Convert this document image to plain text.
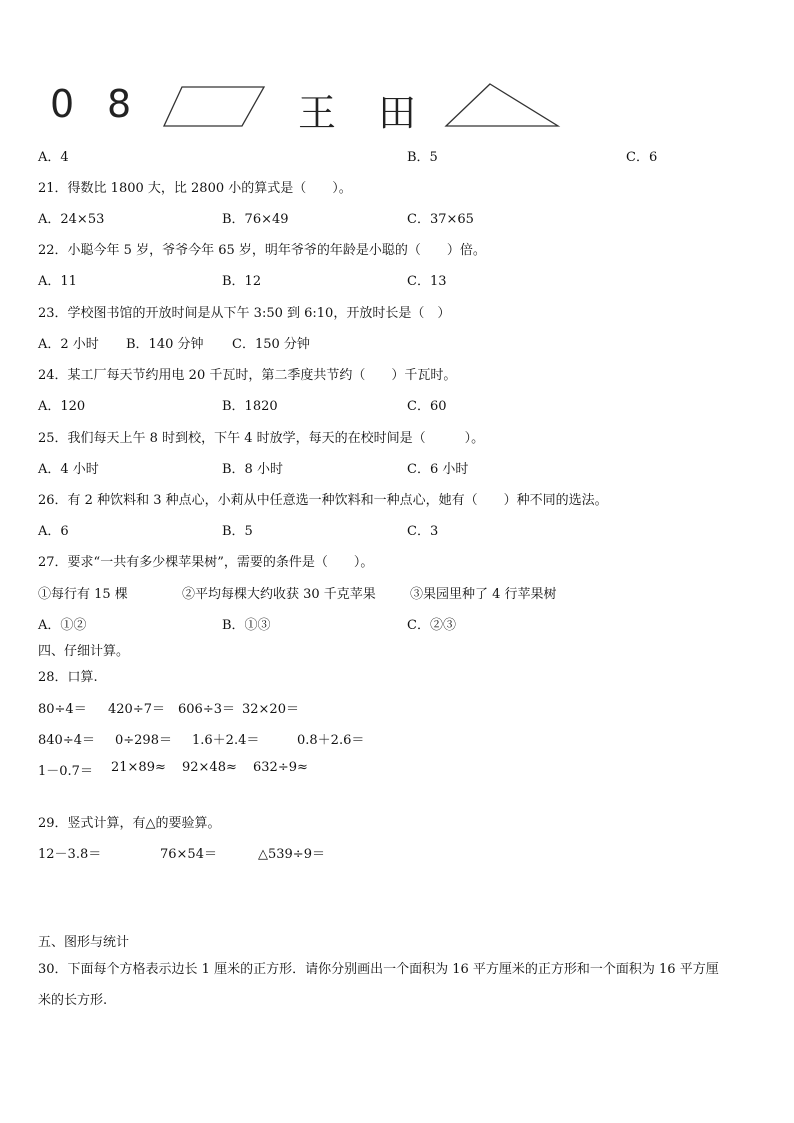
0 8	王 田
A．4	B．5	C．6
21．得数比 1800 大，比 2800 小的算式是（　　）。
A．24×53	B．76×49	C．37×65
22．小聪今年 5 岁，爷爷今年 65 岁，明年爷爷的年龄是小聪的（　　）倍。
A．11	B．12	C．13
23．学校图书馆的开放时间是从下午 3:50 到 6:10，开放时长是（　）
A．2 小时 B．140 分钟 C．150 分钟
24．某工厂每天节约用电 20 千瓦时，第二季度共节约（　　）千瓦时。
A．120	B．1820	C．60
25．我们每天上午 8 时到校，下午 4 时放学，每天的在校时间是（　　　）。
A．4 小时	B．8 小时	C．6 小时
26．有 2 种饮料和 3 种点心，小莉从中任意选一种饮料和一种点心，她有（　　）种不同的选法。
A．6	B．5	C．3
27．要求“一共有多少棵苹果树”，需要的条件是（　　）。
①每行有 15 棵	②平均每棵大约收获 30 千克苹果	③果园里种了 4 行苹果树
A．①②	B．①③	C．②③
四、仔细计算。
28．口算.
80÷4＝ 420÷7＝ 606÷3＝ 32×20＝
840÷4＝ 0÷298＝ 1.6＋2.4＝	0.8＋2.6＝
1－0.7＝ 21×89≈ 92×48≈ 632÷9≈
29．竖式计算，有△的要验算。
12－3.8＝	76×54＝	△539÷9＝
五、图形与统计
30．下面每个方格表示边长 1 厘米的正方形．请你分别画出一个面积为 16 平方厘米的正方形和一个面积为 16 平方厘
米的长方形.
